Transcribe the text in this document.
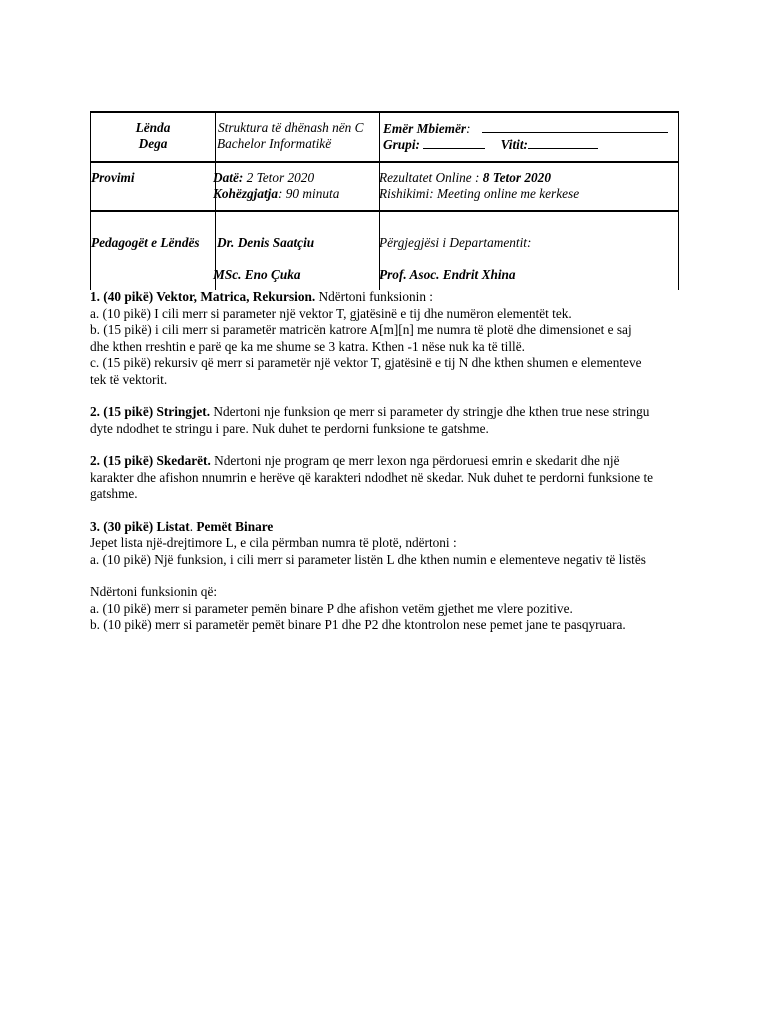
Lënda
Dega
Struktura të dhënash nën C
Bachelor Informatikë
Emër Mbiemër:
Grupi:	Vitit:
Provimi	Datë: 2 Tetor 2020
Kohëzgjatja: 90 minuta
Rezultatet Online : 8 Tetor 2020
Rishikimi: Meeting online me kerkese
Pedagogët e Lëndës Dr. Denis Saatçiu
MSc. Eno Çuka
Përgjegjësi i Departamentit:
Prof. Asoc. Endrit Xhina

1. (40 pikë) Vektor, Matrica, Rekursion. Ndërtoni funksionin :

a. (10 pikë) I cili merr si parameter një vektor T, gjatësinë e tij dhe numëron elementët tek.

b. (15 pikë) i cili merr si parametër matricën katrore A[m][n] me numra të plotë dhe dimensionet e saj

dhe kthen rreshtin e parë qe ka me shume se 3 katra. Kthen -1 nëse nuk ka të tillë.

c. (15 pikë) rekursiv që merr si parametër një vektor T, gjatësinë e tij N dhe kthen shumen e elementeve

tek të vektorit.

2. (15 pikë) Stringjet. Ndertoni nje funksion qe merr si parameter dy stringje dhe kthen true nese stringu

dyte ndodhet te stringu i pare. Nuk duhet te perdorni funksione te gatshme.

2. (15 pikë) Skedarët. Ndertoni nje program qe merr lexon nga përdoruesi emrin e skedarit dhe një

karakter dhe afishon nnumrin e herëve që karakteri ndodhet në skedar. Nuk duhet te perdorni funksione te

gatshme.

3. (30 pikë) Listat. Pemët Binare

Jepet lista një-drejtimore L, e cila përmban numra të plotë, ndërtoni :

a. (10 pikë) Një funksion, i cili merr si parameter listën L dhe kthen numin e elementeve negativ të listës

Ndërtoni funksionin që:

a. (10 pikë) merr si parameter pemën binare P dhe afishon vetëm gjethet me vlere pozitive.

b. (10 pikë) merr si parametër pemët binare P1 dhe P2 dhe ktontrolon nese pemet jane te pasqyruara.
